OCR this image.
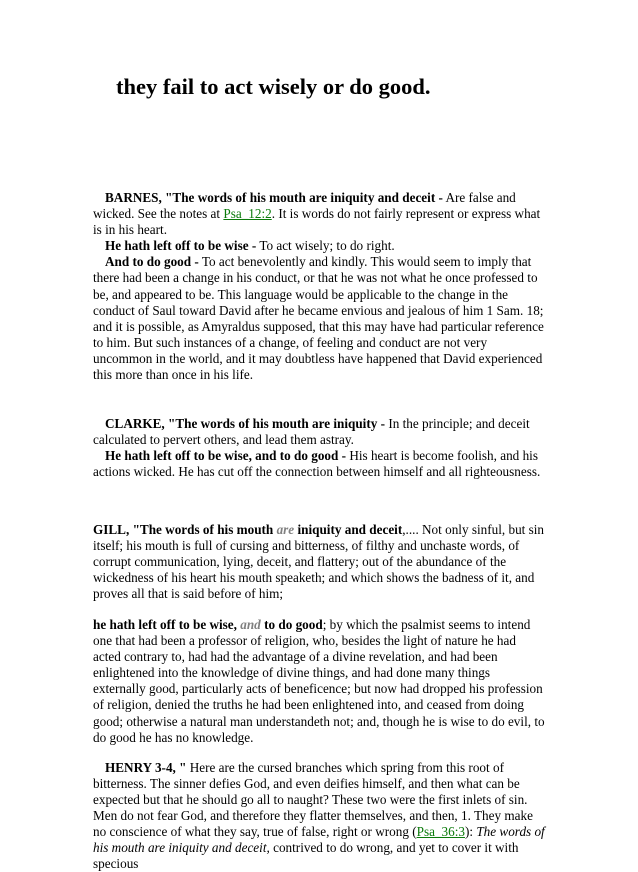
they fail to act wisely or do good.

BARNES, "The words of his mouth are iniquity and deceit - Are false and wicked. See the notes at Psa_12:2. It is words do not fairly represent or express what is in his heart.

He hath left off to be wise - To act wisely; to do right.

And to do good - To act benevolently and kindly. This would seem to imply that there had been a change in his conduct, or that he was not what he once professed to be, and appeared to be. This language would be applicable to the change in the conduct of Saul toward David after he became envious and jealous of him 1 Sam. 18; and it is possible, as Amyraldus supposed, that this may have had particular reference to him. But such instances of a change, of feeling and conduct are not very uncommon in the world, and it may doubtless have happened that David experienced this more than once in his life.

CLARKE, "The words of his mouth are iniquity - In the principle; and deceit calculated to pervert others, and lead them astray.

He hath left off to be wise, and to do good - His heart is become foolish, and his actions wicked. He has cut off the connection between himself and all righteousness.

GILL, "The words of his mouth are iniquity and deceit,.... Not only sinful, but sin itself; his mouth is full of cursing and bitterness, of filthy and unchaste words, of corrupt communication, lying, deceit, and flattery; out of the abundance of the wickedness of his heart his mouth speaketh; and which shows the badness of it, and proves all that is said before of him;

he hath left off to be wise, and to do good; by which the psalmist seems to intend one that had been a professor of religion, who, besides the light of nature he had acted contrary to, had had the advantage of a divine revelation, and had been enlightened into the knowledge of divine things, and had done many things externally good, particularly acts of beneficence; but now had dropped his profession of religion, denied the truths he had been enlightened into, and ceased from doing good; otherwise a natural man understandeth not; and, though he is wise to do evil, to do good he has no knowledge.

HENRY 3-4, " Here are the cursed branches which spring from this root of bitterness. The sinner defies God, and even deifies himself, and then what can be expected but that he should go all to naught? These two were the first inlets of sin. Men do not fear God, and therefore they flatter themselves, and then, 1. They make no conscience of what they say, true of false, right or wrong (Psa_36:3): The words of his mouth are iniquity and deceit, contrived to do wrong, and yet to cover it with specious
